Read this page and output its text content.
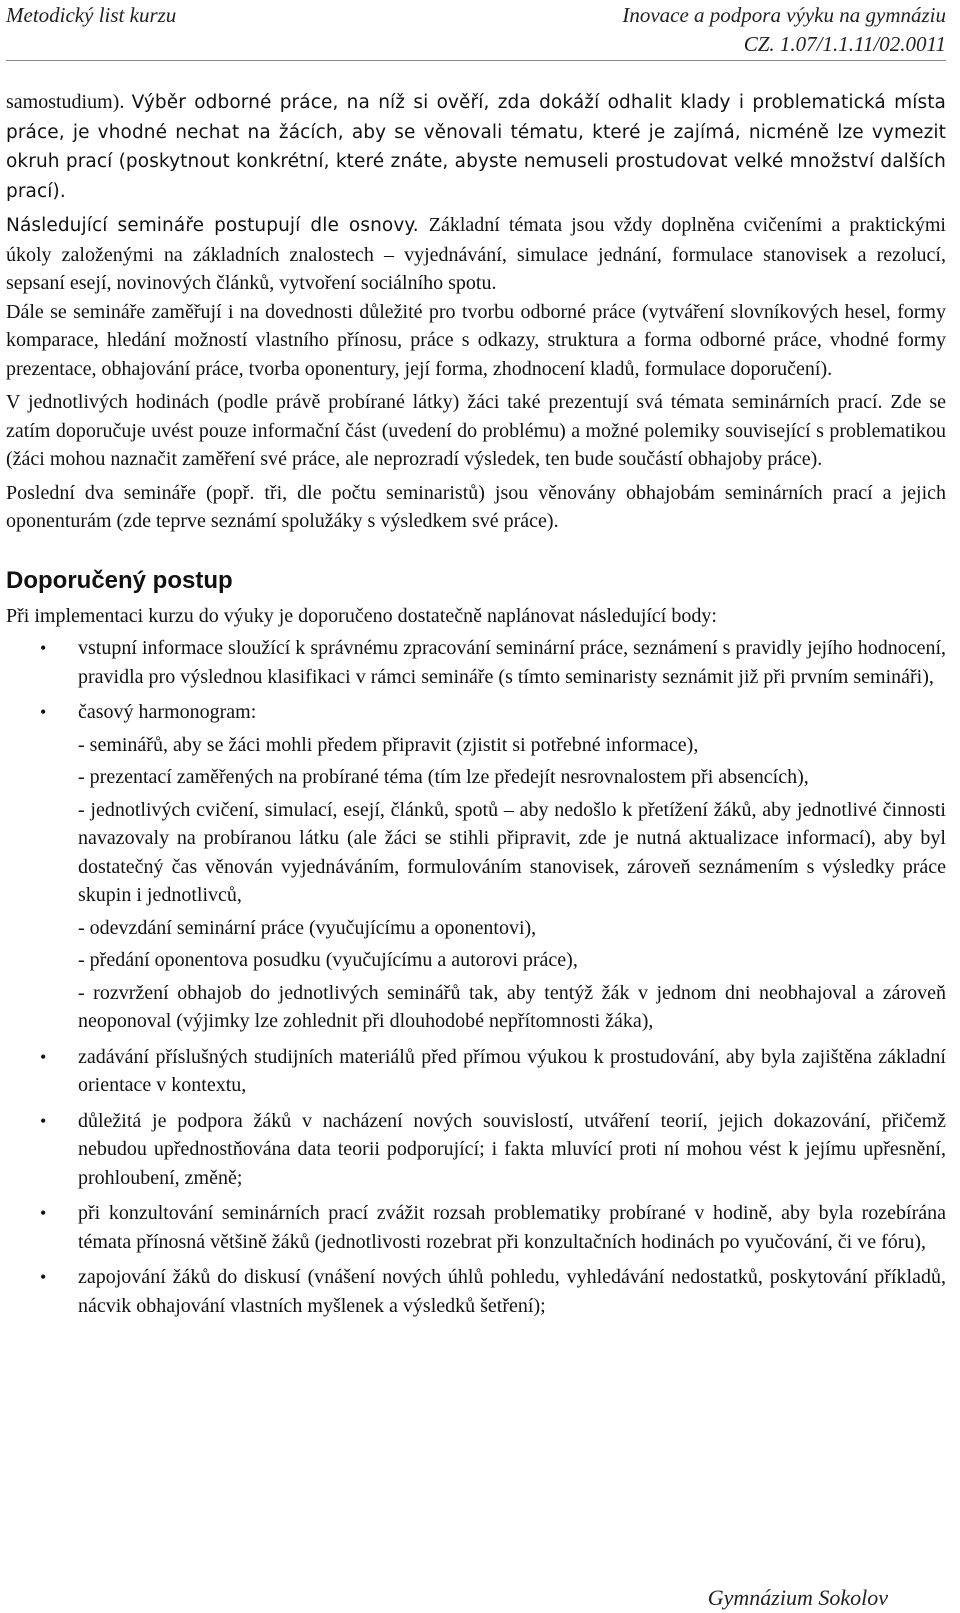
Metodický list kurzu	Inovace a podpora výyku na gymnáziu
CZ. 1.07/1.1.11/02.0011

samostudium). Výběr odborné práce, na níž si ověří, zda dokáží odhalit klady i problematická místa práce, je vhodné nechat na žácích, aby se věnovali tématu, které je zajímá, nicméně lze vymezit okruh prací (poskytnout konkrétní, které znáte, abyste nemuseli prostudovat velké množství dalších prací).

Následující semináře postupují dle osnovy. Základní témata jsou vždy doplněna cvičeními a praktickými úkoly založenými na základních znalostech – vyjednávání, simulace jednání, formulace stanovisek a rezolucí, sepsaní esejí, novinových článků, vytvoření sociálního spotu.

Dále se semináře zaměřují i na dovednosti důležité pro tvorbu odborné práce (vytváření slovníkových hesel, formy komparace, hledání možností vlastního přínosu, práce s odkazy, struktura a forma odborné práce, vhodné formy prezentace, obhajování práce, tvorba oponentury, její forma, zhodnocení kladů, formulace doporučení).

V jednotlivých hodinách (podle právě probírané látky) žáci také prezentují svá témata seminárních prací. Zde se zatím doporučuje uvést pouze informační část (uvedení do problému) a možné polemiky související s problematikou (žáci mohou naznačit zaměření své práce, ale neprozradí výsledek, ten bude součástí obhajoby práce).

Poslední dva semináře (popř. tři, dle počtu seminaristů) jsou věnovány obhajobám seminárních prací a jejich oponenturám (zde teprve seznámí spolužáky s výsledkem své práce).

Doporučený postup

Při implementaci kurzu do výuky je doporučeno dostatečně naplánovat následující body:

• vstupní informace sloužící k správnému zpracování seminární práce, seznámení s pravidly jejího hodnocení, pravidla pro výslednou klasifikaci v rámci semináře (s tímto seminaristy seznámit již při prvním semináři),
• časový harmonogram:
- seminářů, aby se žáci mohli předem připravit (zjistit si potřebné informace),
- prezentací zaměřených na probírané téma (tím lze předejít nesrovnalostem při absencích),
- jednotlivých cvičení, simulací, esejí, článků, spotů – aby nedošlo k přetížení žáků, aby jednotlivé činnosti navazovaly na probíranou látku (ale žáci se stihli připravit, zde je nutná aktualizace informací), aby byl dostatečný čas věnován vyjednáváním, formulováním stanovisek, zároveň seznámením s výsledky práce skupin i jednotlivců,
- odevzdání seminární práce (vyučujícímu a oponentovi),
- předání oponentova posudku (vyučujícímu a autorovi práce),
- rozvržení obhajob do jednotlivých seminářů tak, aby tentýž žák v jednom dni neobhajoval a zároveň neoponoval (výjimky lze zohlednit při dlouhodobé nepřítomnosti žáka),
• zadávání příslušných studijních materiálů před přímou výukou k prostudování, aby byla zajištěna základní orientace v kontextu,
• důležitá je podpora žáků v nacházení nových souvislostí, utváření teorií, jejich dokazování, přičemž nebudou upřednostňována data teorii podporující; i fakta mluvící proti ní mohou vést k jejímu upřesnění, prohloubení, změně;
• při konzultování seminárních prací zvážit rozsah problematiky probírané v hodině, aby byla rozebírána témata přínosná většině žáků (jednotlivosti rozebrat při konzultačních hodinách po vyučování, či ve fóru),
• zapojování žáků do diskusí (vnášení nových úhlů pohledu, vyhledávání nedostatků, poskytování příkladů, nácvik obhajování vlastních myšlenek a výsledků šetření);
Gymnázium Sokolov
